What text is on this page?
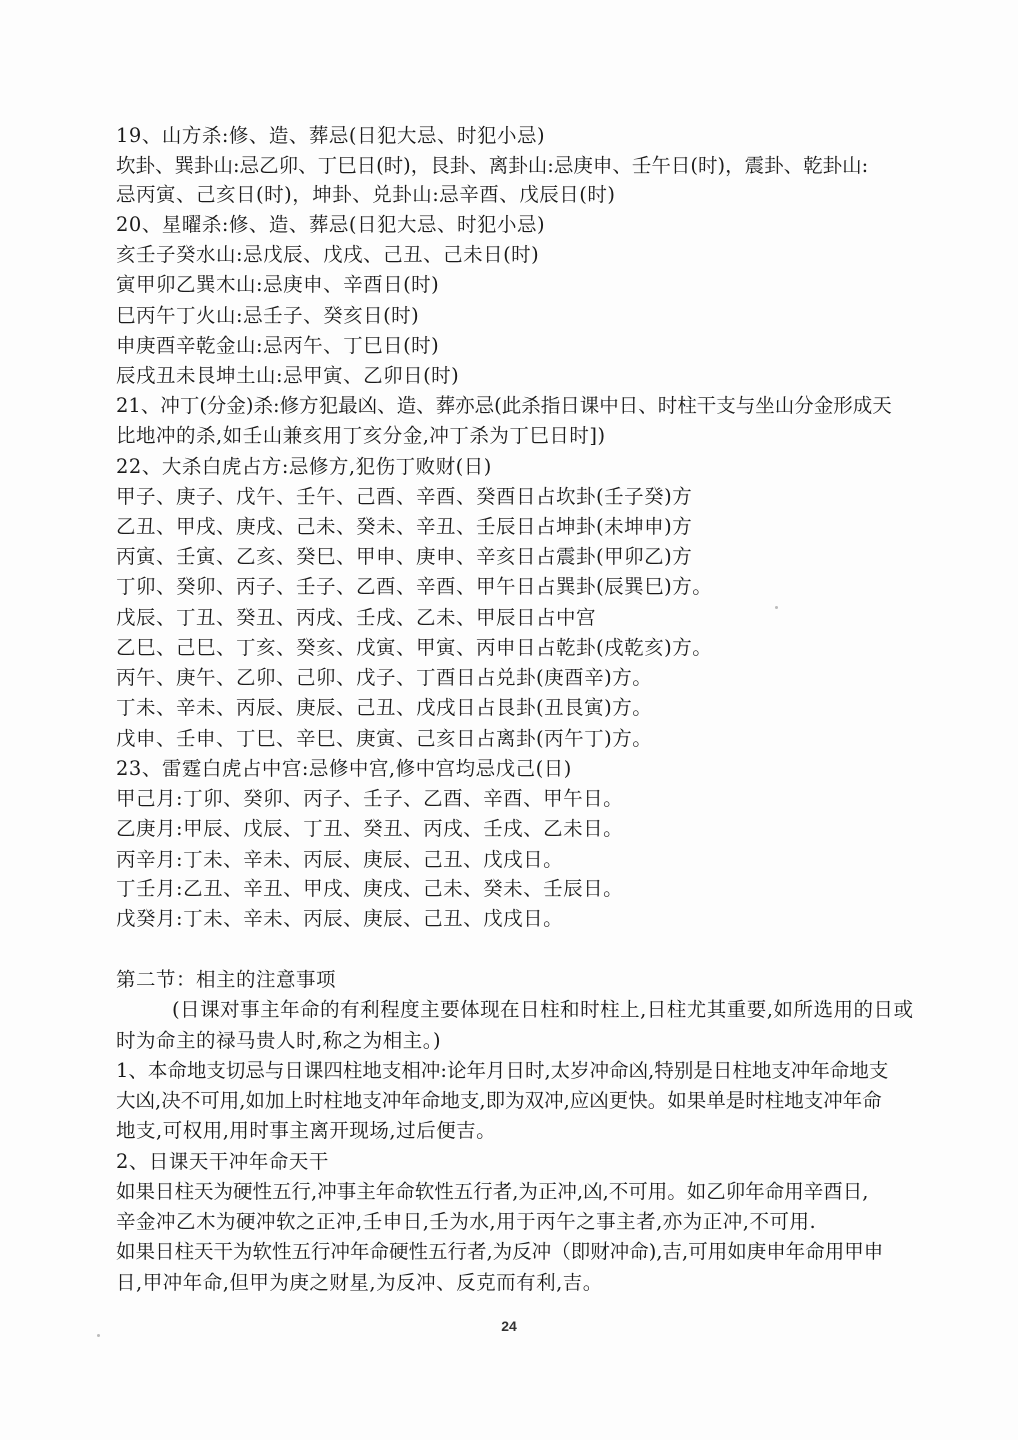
19、山方杀:修、造、葬忌(日犯大忌、时犯小忌)
坎卦、巽卦山:忌乙卯、丁巳日(时)，艮卦、离卦山:忌庚申、壬午日(时)，震卦、乾卦山:
忌丙寅、己亥日(时)，坤卦、兑卦山:忌辛酉、戊辰日(时)
20、星曜杀:修、造、葬忌(日犯大忌、时犯小忌)
亥壬子癸水山:忌戊辰、戊戌、己丑、己未日(时)
寅甲卯乙巽木山:忌庚申、辛酉日(时)
巳丙午丁火山:忌壬子、癸亥日(时)
申庚酉辛乾金山:忌丙午、丁巳日(时)
辰戌丑未艮坤土山:忌甲寅、乙卯日(时)
21、冲丁(分金)杀:修方犯最凶、造、葬亦忌(此杀指日课中日、时柱干支与坐山分金形成天
比地冲的杀,如壬山兼亥用丁亥分金,冲丁杀为丁巳日时])
22、大杀白虎占方:忌修方,犯伤丁败财(日)
甲子、庚子、戊午、壬午、己酉、辛酉、癸酉日占坎卦(壬子癸)方
乙丑、甲戌、庚戌、己未、癸未、辛丑、壬辰日占坤卦(未坤申)方
丙寅、壬寅、乙亥、癸巳、甲申、庚申、辛亥日占震卦(甲卯乙)方
丁卯、癸卯、丙子、壬子、乙酉、辛酉、甲午日占巽卦(辰巽巳)方。
戊辰、丁丑、癸丑、丙戌、壬戌、乙未、甲辰日占中宫
乙巳、己巳、丁亥、癸亥、戊寅、甲寅、丙申日占乾卦(戌乾亥)方。
丙午、庚午、乙卯、己卯、戊子、丁酉日占兑卦(庚酉辛)方。
丁未、辛未、丙辰、庚辰、己丑、戊戌日占艮卦(丑艮寅)方。
戊申、壬申、丁巳、辛巳、庚寅、己亥日占离卦(丙午丁)方。
23、雷霆白虎占中宫:忌修中宫,修中宫均忌戊己(日)
甲己月:丁卯、癸卯、丙子、壬子、乙酉、辛酉、甲午日。
乙庚月:甲辰、戊辰、丁丑、癸丑、丙戌、壬戌、乙未日。
丙辛月:丁未、辛未、丙辰、庚辰、己丑、戊戌日。
丁壬月:乙丑、辛丑、甲戌、庚戌、己未、癸未、壬辰日。
戊癸月:丁未、辛未、丙辰、庚辰、己丑、戊戌日。
第二节：相主的注意事项
(日课对事主年命的有利程度主要体现在日柱和时柱上,日柱尤其重要,如所选用的日或
时为命主的禄马贵人时,称之为相主。)
1、本命地支切忌与日课四柱地支相冲:论年月日时,太岁冲命凶,特别是日柱地支冲年命地支
大凶,决不可用,如加上时柱地支冲年命地支,即为双冲,应凶更快。如果单是时柱地支冲年命
地支,可权用,用时事主离开现场,过后便吉。
2、日课天干冲年命天干
如果日柱天为硬性五行,冲事主年命软性五行者,为正冲,凶,不可用。如乙卯年命用辛酉日,
辛金冲乙木为硬冲软之正冲,壬申日,壬为水,用于丙午之事主者,亦为正冲,不可用.
如果日柱天干为软性五行冲年命硬性五行者,为反冲（即财冲命),吉,可用如庚申年命用甲申
日,甲冲年命,但甲为庚之财星,为反冲、反克而有利,吉。
24
